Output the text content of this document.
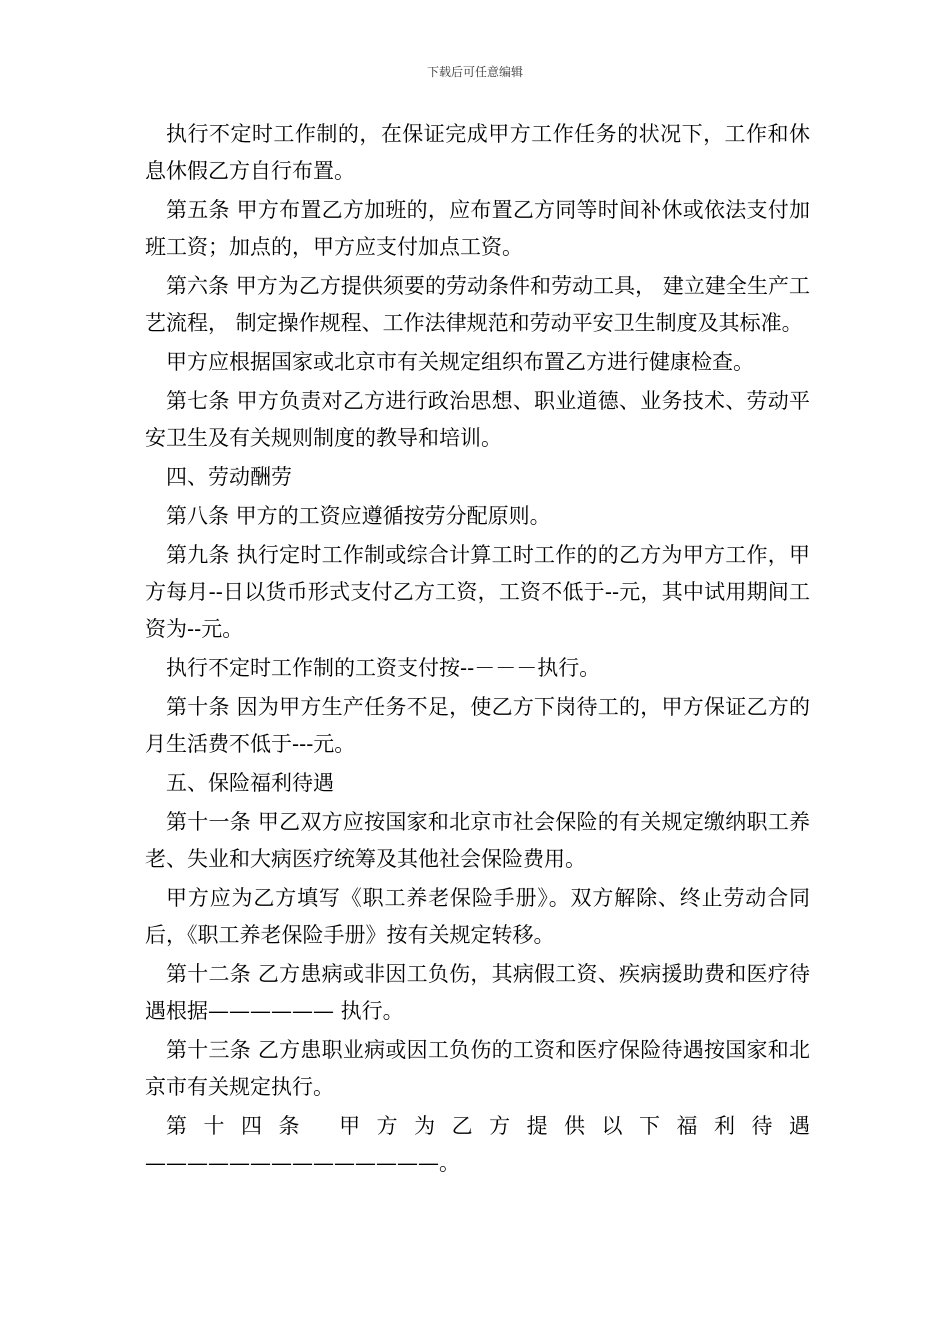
下载后可任意编辑

执行不定时工作制的，在保证完成甲方工作任务的状况下，工作和休息休假乙方自行布置。

第五条 甲方布置乙方加班的，应布置乙方同等时间补休或依法支付加班工资；加点的，甲方应支付加点工资。

第六条 甲方为乙方提供须要的劳动条件和劳动工具， 建立建全生产工艺流程， 制定操作规程、工作法律规范和劳动平安卫生制度及其标准。

甲方应根据国家或北京市有关规定组织布置乙方进行健康检查。

第七条 甲方负责对乙方进行政治思想、职业道德、业务技术、劳动平安卫生及有关规则制度的教导和培训。

四、劳动酬劳

第八条 甲方的工资应遵循按劳分配原则。

第九条 执行定时工作制或综合计算工时工作的的乙方为甲方工作，甲方每月--日以货币形式支付乙方工资，工资不低于--元，其中试用期间工资为--元。

执行不定时工作制的工资支付按--－－－执行。

第十条 因为甲方生产任务不足，使乙方下岗待工的，甲方保证乙方的月生活费不低于---元。

五、保险福利待遇

第十一条 甲乙双方应按国家和北京市社会保险的有关规定缴纳职工养老、失业和大病医疗统筹及其他社会保险费用。

甲方应为乙方填写《职工养老保险手册》。双方解除、终止劳动合同后，《职工养老保险手册》按有关规定转移。

第十二条 乙方患病或非因工负伤，其病假工资、疾病援助费和医疗待遇根据—————— 执行。

第十三条 乙方患职业病或因工负伤的工资和医疗保险待遇按国家和北京市有关规定执行。

第十四条 甲方为乙方提供以下福利待遇——————————————。
